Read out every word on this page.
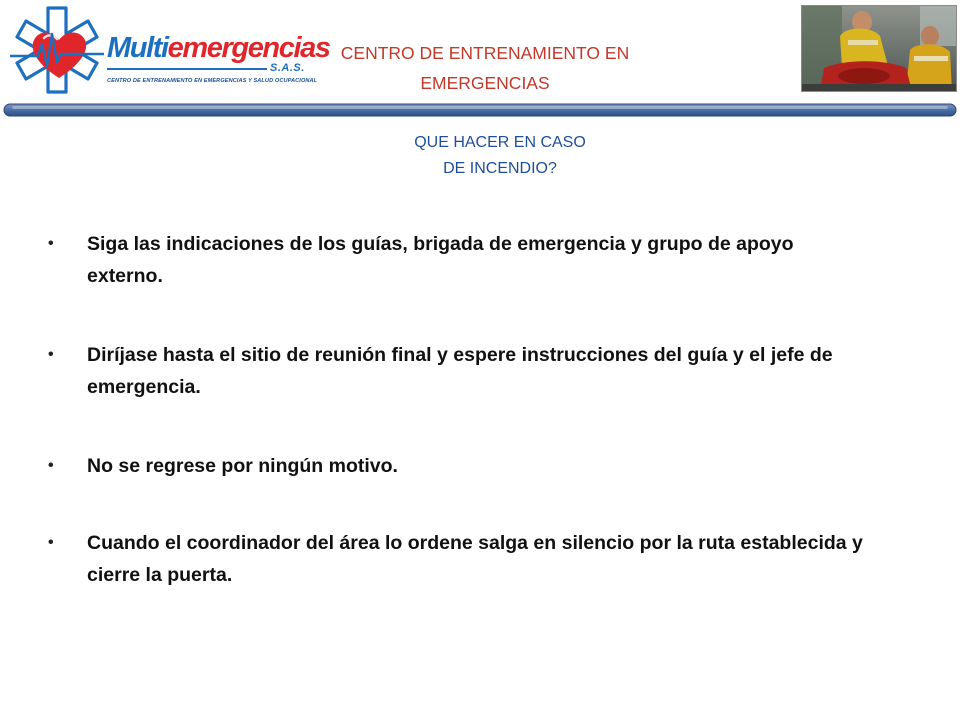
Multiemergencias
S.A.S.
CENTRO DE ENTRENAMIENTO EN EMERGENCIAS Y SALUD OCUPACIONAL
CENTRO DE ENTRENAMIENTO EN
EMERGENCIAS
QUE HACER EN CASO
DE INCENDIO?
•	Siga las indicaciones de los guías, brigada de emergencia y grupo de apoyo externo.
•	Diríjase hasta el sitio de reunión final y espere instrucciones del guía y el jefe de emergencia.
•	No se regrese por ningún motivo.
•	Cuando el coordinador del área lo ordene salga en silencio por la ruta establecida y cierre la puerta.
